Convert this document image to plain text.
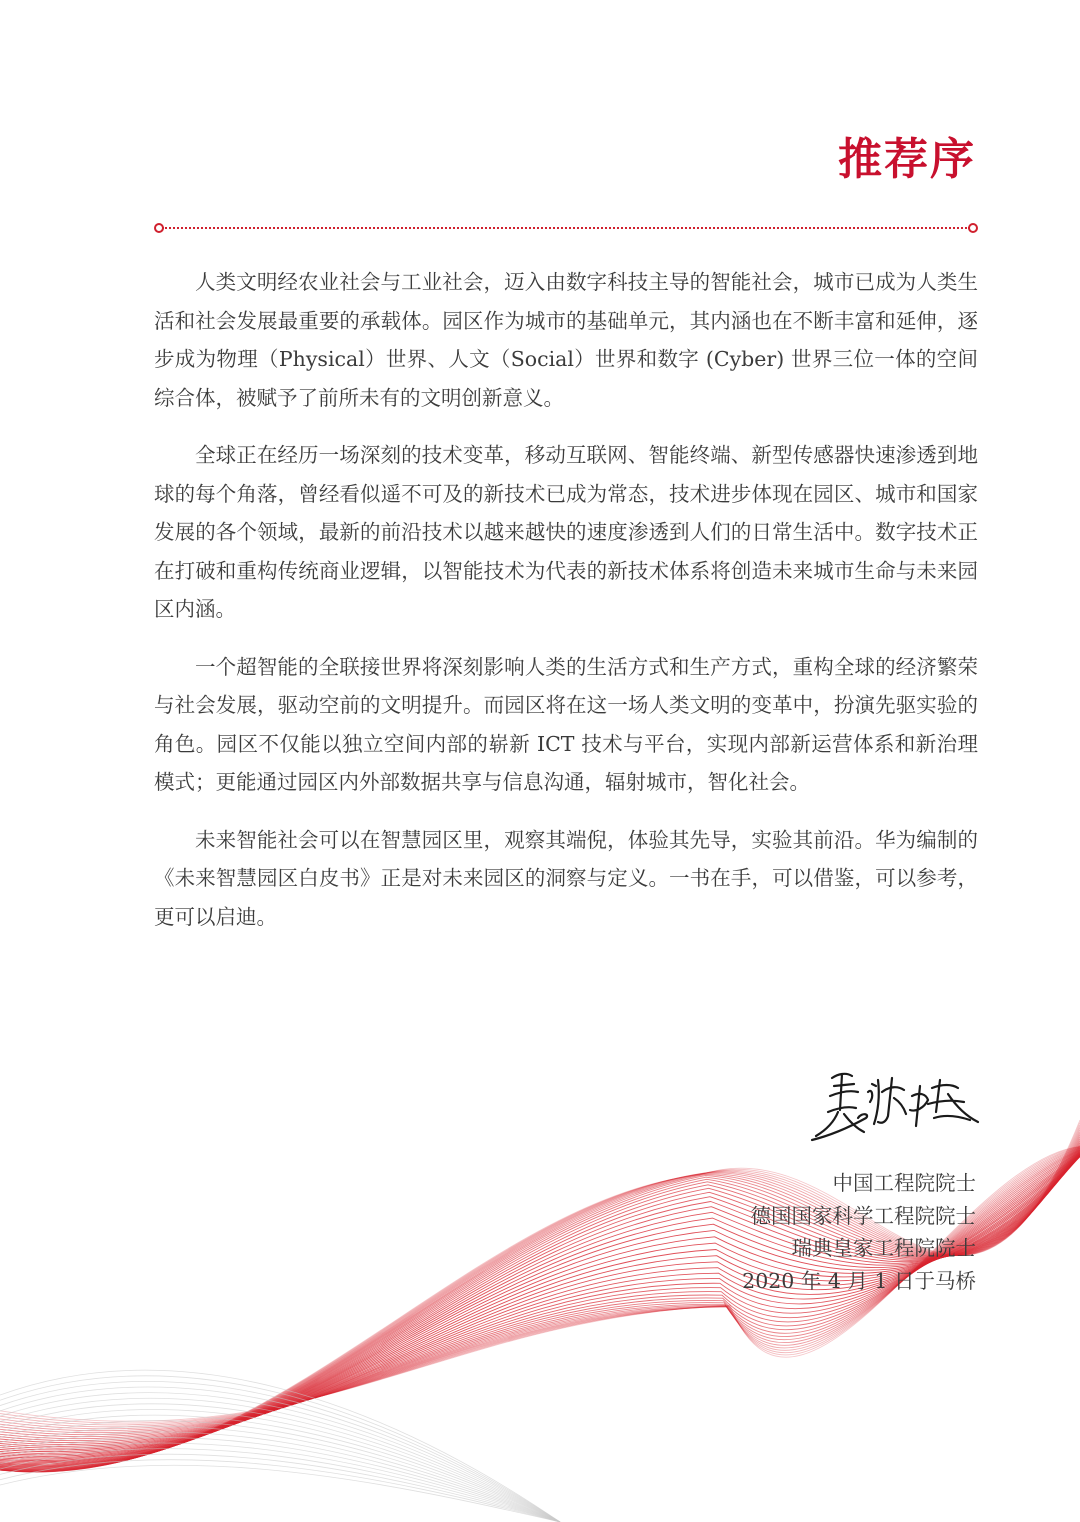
推荐序

人类文明经农业社会与工业社会，迈入由数字科技主导的智能社会，城市已成为人类生活和社会发展最重要的承载体。园区作为城市的基础单元，其内涵也在不断丰富和延伸，逐步成为物理（Physical）世界、人文（Social）世界和数字 (Cyber) 世界三位一体的空间综合体，被赋予了前所未有的文明创新意义。

全球正在经历一场深刻的技术变革，移动互联网、智能终端、新型传感器快速渗透到地球的每个角落，曾经看似遥不可及的新技术已成为常态，技术进步体现在园区、城市和国家发展的各个领域，最新的前沿技术以越来越快的速度渗透到人们的日常生活中。数字技术正在打破和重构传统商业逻辑，以智能技术为代表的新技术体系将创造未来城市生命与未来园区内涵。

一个超智能的全联接世界将深刻影响人类的生活方式和生产方式，重构全球的经济繁荣与社会发展，驱动空前的文明提升。而园区将在这一场人类文明的变革中，扮演先驱实验的角色。园区不仅能以独立空间内部的崭新 ICT 技术与平台，实现内部新运营体系和新治理模式；更能通过园区内外部数据共享与信息沟通，辐射城市，智化社会。

未来智能社会可以在智慧园区里，观察其端倪，体验其先导，实验其前沿。华为编制的《未来智慧园区白皮书》正是对未来园区的洞察与定义。一书在手，可以借鉴，可以参考，更可以启迪。

中国工程院院士
德国国家科学工程院院士
瑞典皇家工程院院士
2020 年 4 月 1 日于马桥
